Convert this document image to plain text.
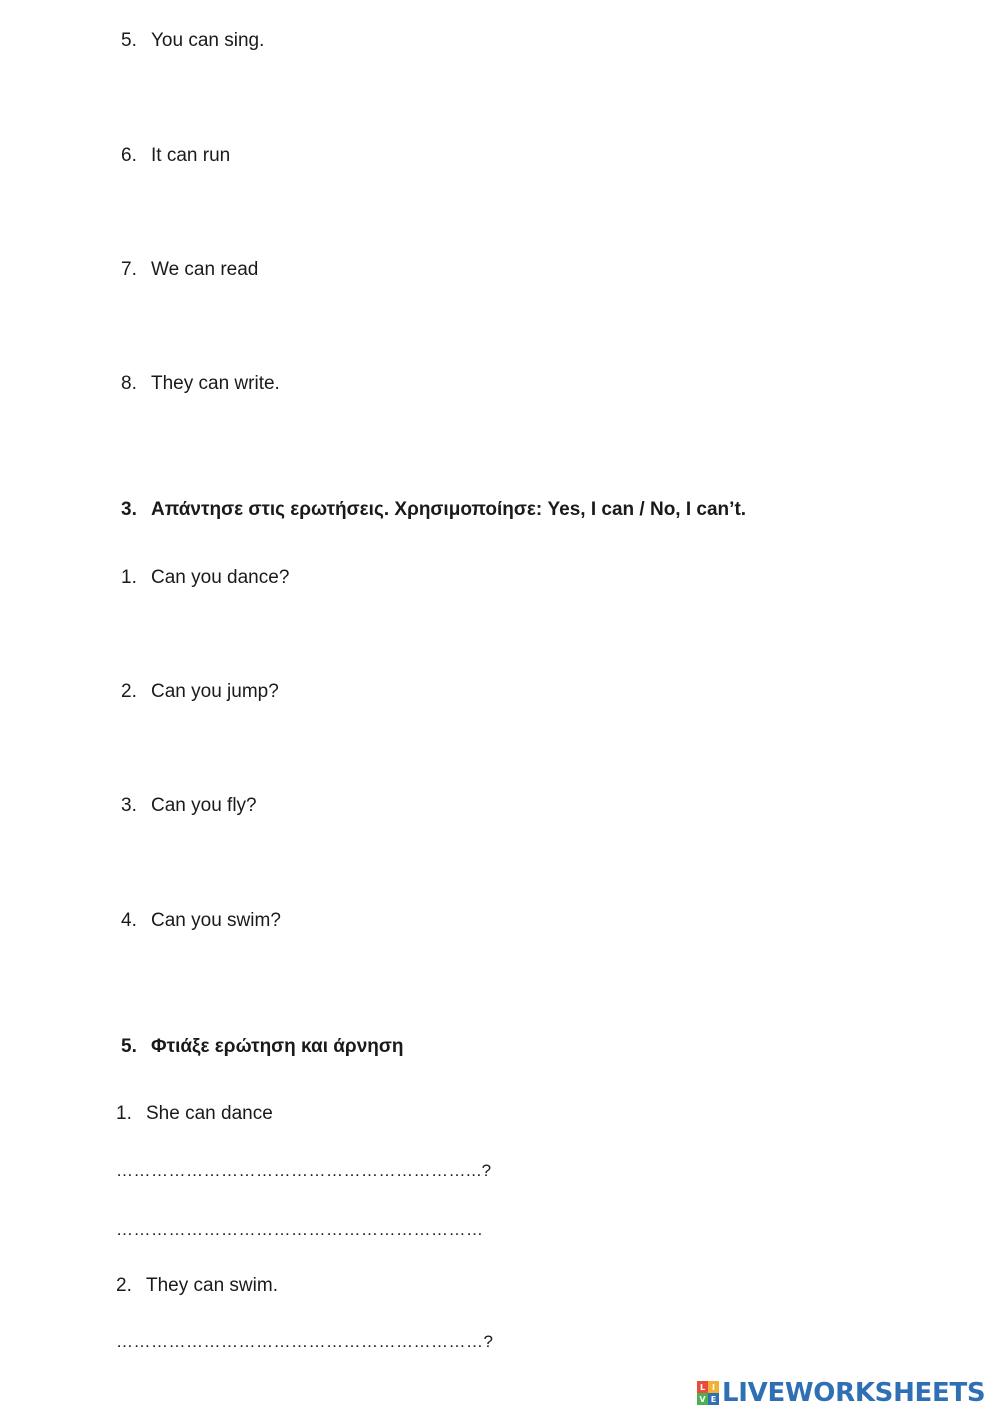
5. You can sing.
6. It can run
7. We can read
8. They can write.
3. Απάντησε στις ερωτήσεις. Χρησιμοποίησε: Yes, I can / No, I can’t.
1. Can you dance?
2. Can you jump?
3. Can you fly?
4. Can you swim?
5. Φτιάξε ερώτηση και άρνηση
1. She can dance
……………………………………………………...?
………………………………………………………
2. They can swim.
………………………………………………………?
L I
V E LIVEWORKSHEETS
